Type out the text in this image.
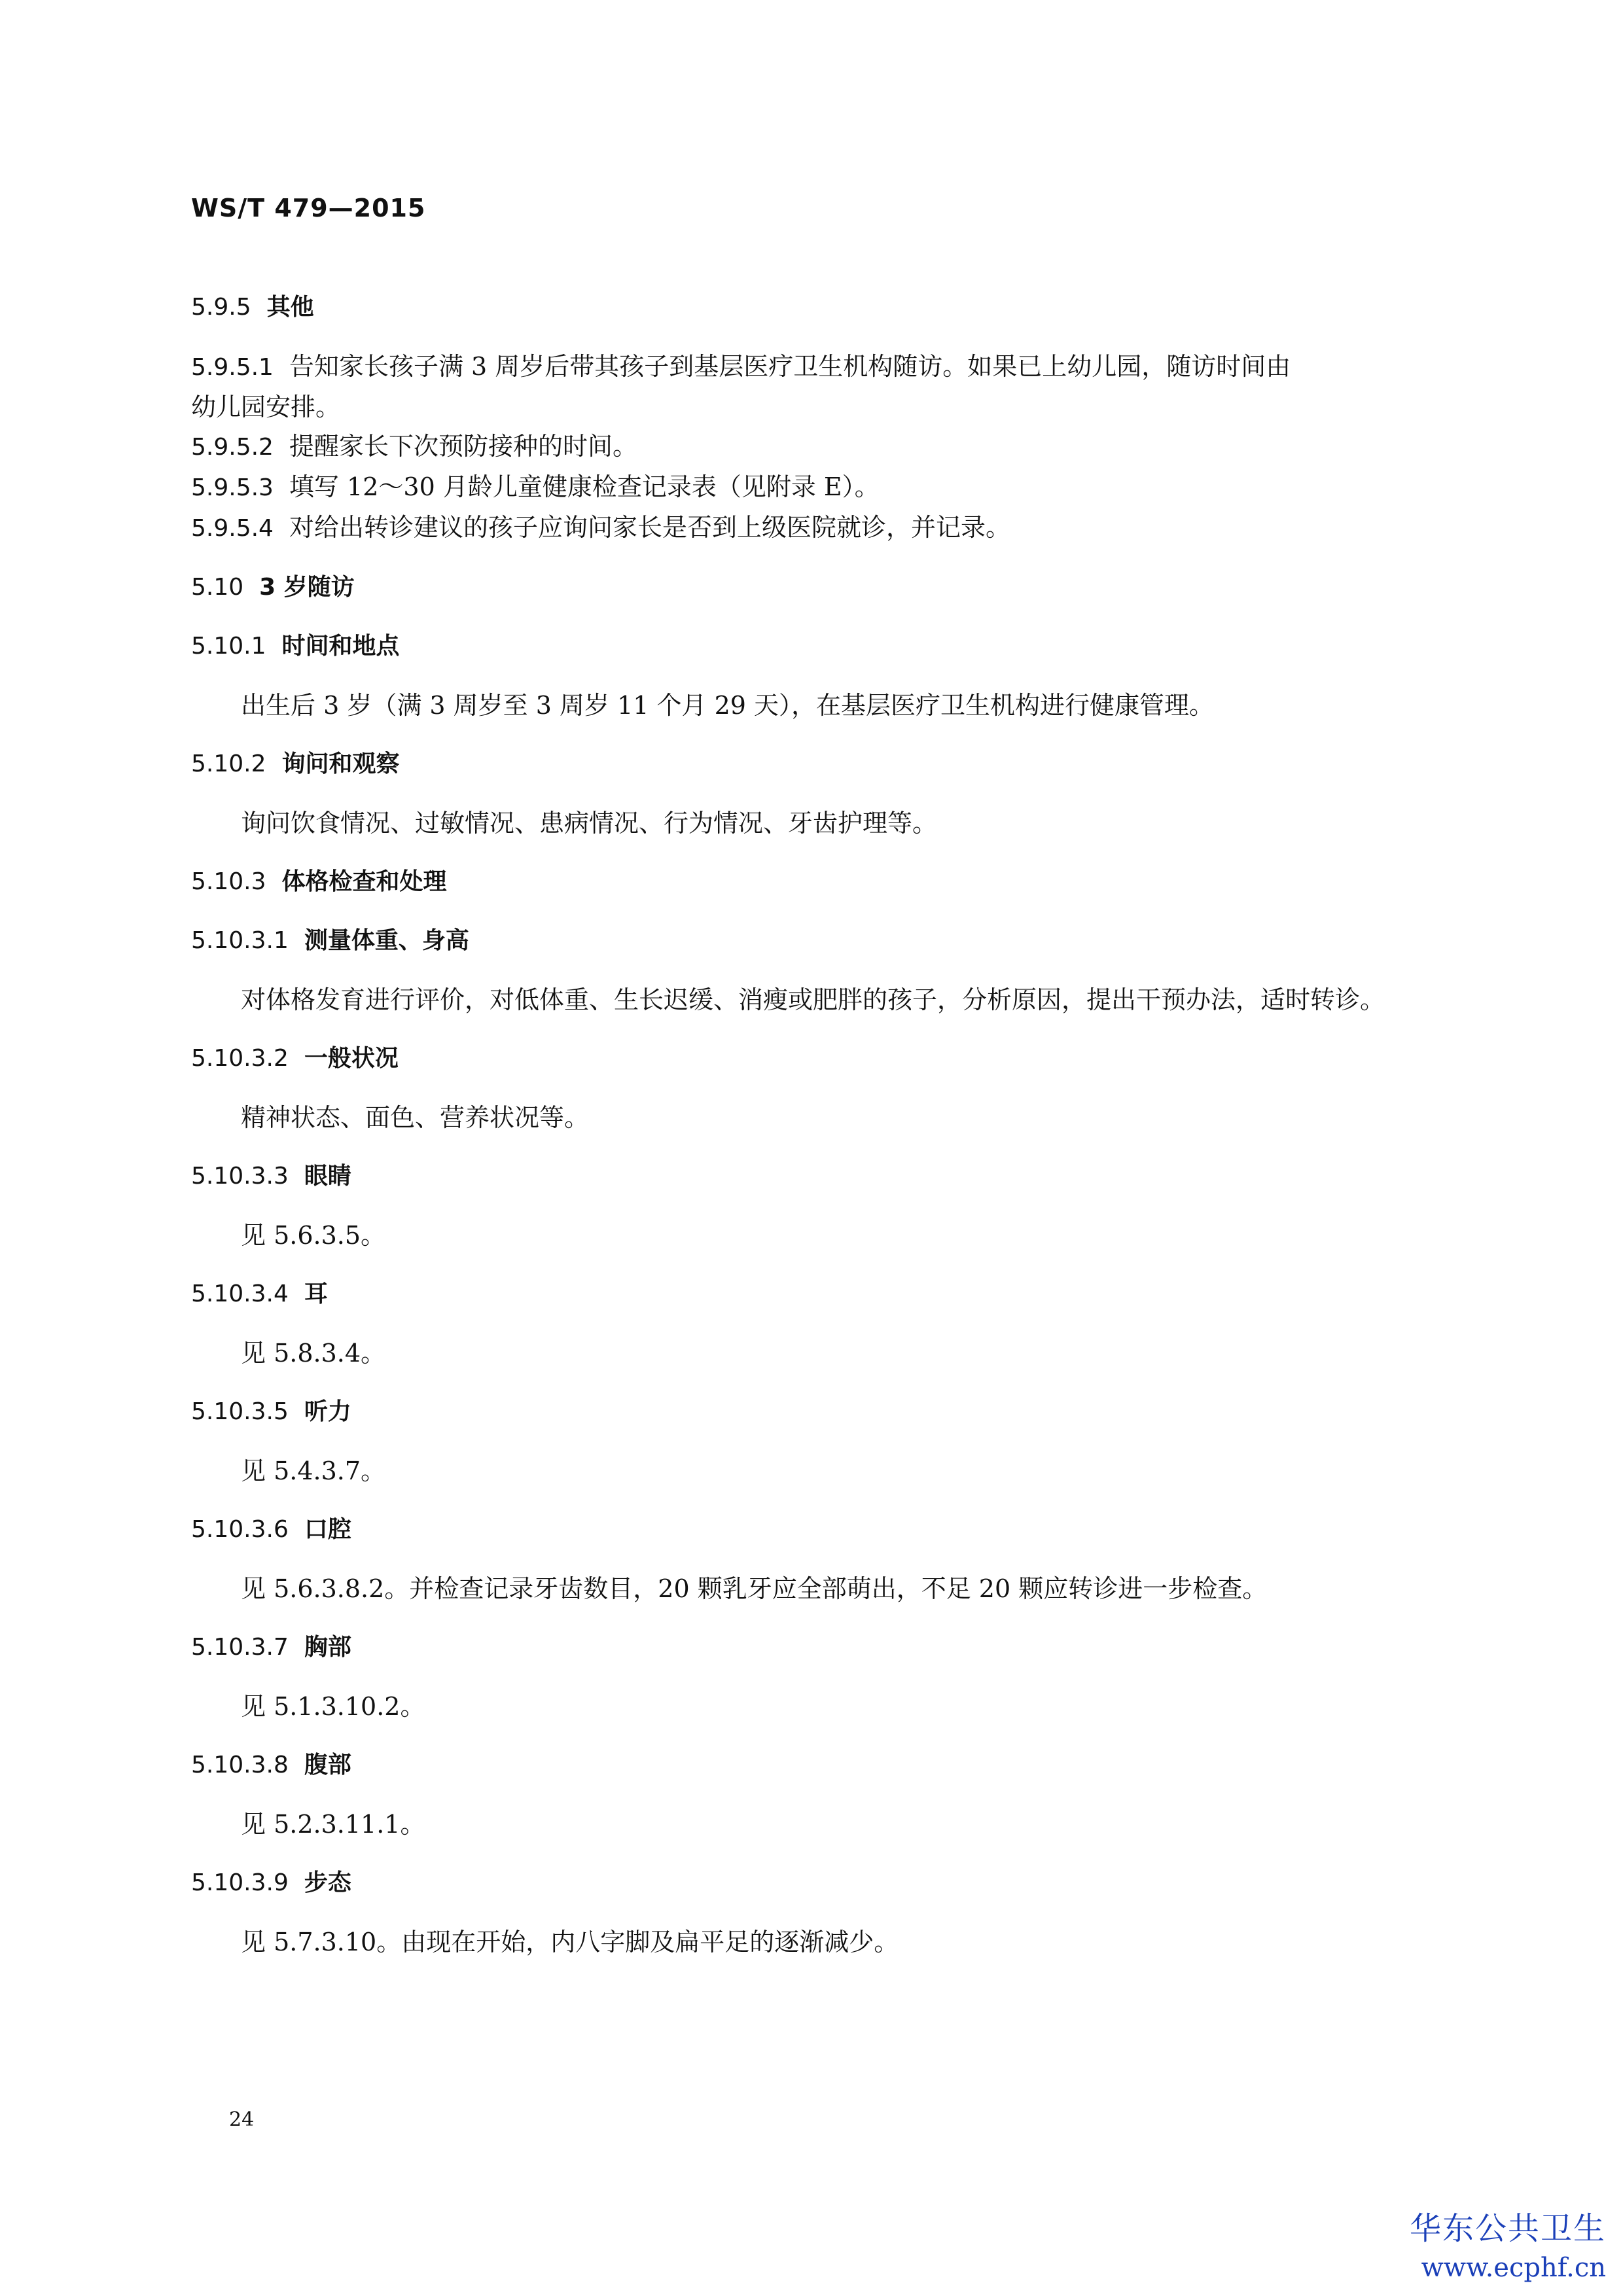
WS/T 479—2015
5.9.5 其他
5.9.5.1 告知家长孩子满 3 周岁后带其孩子到基层医疗卫生机构随访。如果已上幼儿园，随访时间由
幼儿园安排。
5.9.5.2 提醒家长下次预防接种的时间。
5.9.5.3 填写 12～30 月龄儿童健康检查记录表（见附录 E）。
5.9.5.4 对给出转诊建议的孩子应询问家长是否到上级医院就诊，并记录。
5.10 3 岁随访
5.10.1 时间和地点
出生后 3 岁（满 3 周岁至 3 周岁 11 个月 29 天），在基层医疗卫生机构进行健康管理。
5.10.2 询问和观察
询问饮食情况、过敏情况、患病情况、行为情况、牙齿护理等。
5.10.3 体格检查和处理
5.10.3.1 测量体重、身高
对体格发育进行评价，对低体重、生长迟缓、消瘦或肥胖的孩子，分析原因，提出干预办法，适时转诊。
5.10.3.2 一般状况
精神状态、面色、营养状况等。
5.10.3.3 眼睛
见 5.6.3.5。
5.10.3.4 耳
见 5.8.3.4。
5.10.3.5 听力
见 5.4.3.7。
5.10.3.6 口腔
见 5.6.3.8.2。并检查记录牙齿数目，20 颗乳牙应全部萌出，不足 20 颗应转诊进一步检查。
5.10.3.7 胸部
见 5.1.3.10.2。
5.10.3.8 腹部
见 5.2.3.11.1。
5.10.3.9 步态
见 5.7.3.10。由现在开始，内八字脚及扁平足的逐渐减少。
24
华东公共卫生
www.ecphf.cn
